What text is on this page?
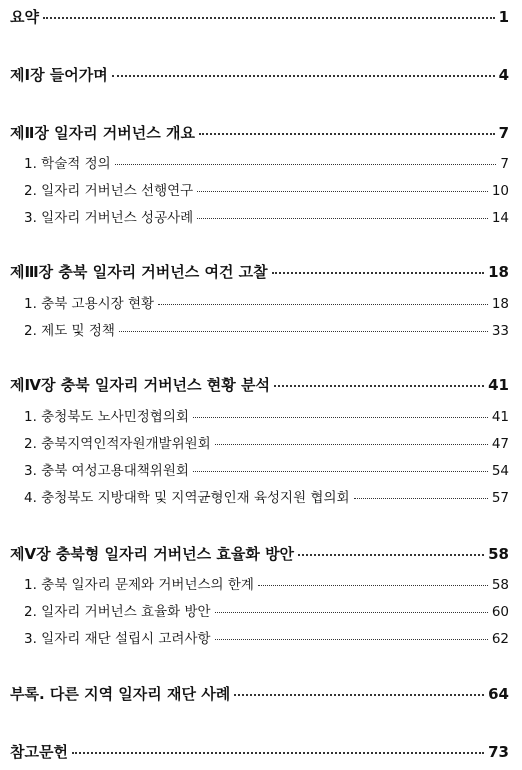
요약	1
제Ⅰ장 들어가며	4
제Ⅱ장 일자리 거버넌스 개요	7
1. 학술적 정의	7
2. 일자리 거버넌스 선행연구	10
3. 일자리 거버넌스 성공사례	14
제Ⅲ장 충북 일자리 거버넌스 여건 고찰	18
1. 충북 고용시장 현황	18
2. 제도 및 정책	33
제Ⅳ장 충북 일자리 거버넌스 현황 분석	41
1. 충청북도 노사민정협의회	41
2. 충북지역인적자원개발위원회	47
3. 충북 여성고용대책위원회	54
4. 충청북도 지방대학 및 지역균형인재 육성지원 협의회	57
제Ⅴ장 충북형 일자리 거버넌스 효율화 방안	58
1. 충북 일자리 문제와 거버넌스의 한계	58
2. 일자리 거버넌스 효율화 방안	60
3. 일자리 재단 설립시 고려사항	62
부록. 다른 지역 일자리 재단 사례	64
참고문헌	73
